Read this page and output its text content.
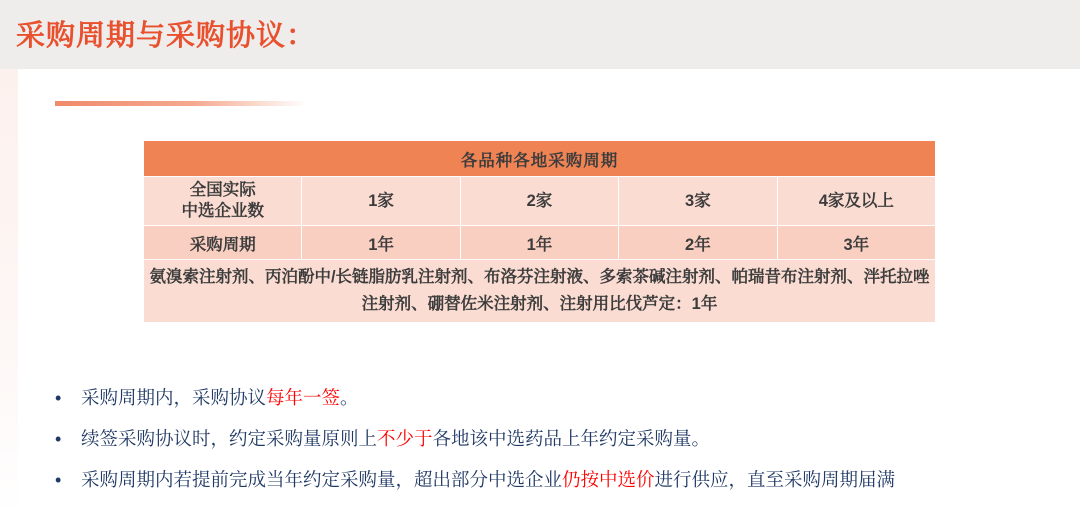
采购周期与采购协议：
各品种各地采购周期				

全国实际
中选企业数	1家	2家	3家	4家及以上
采购周期	1年	1年	2年	3年
氨溴索注射剂、丙泊酚中/长链脂肪乳注射剂、布洛芬注射液、多索茶碱注射剂、帕瑞昔布注射剂、泮托拉唑注射剂、硼替佐米注射剂、注射用比伐芦定：1年				
•	采购周期内，采购协议每年一签。
•	续签采购协议时，约定采购量原则上不少于各地该中选药品上年约定采购量。
•	采购周期内若提前完成当年约定采购量，超出部分中选企业仍按中选价进行供应，直至采购周期届满
